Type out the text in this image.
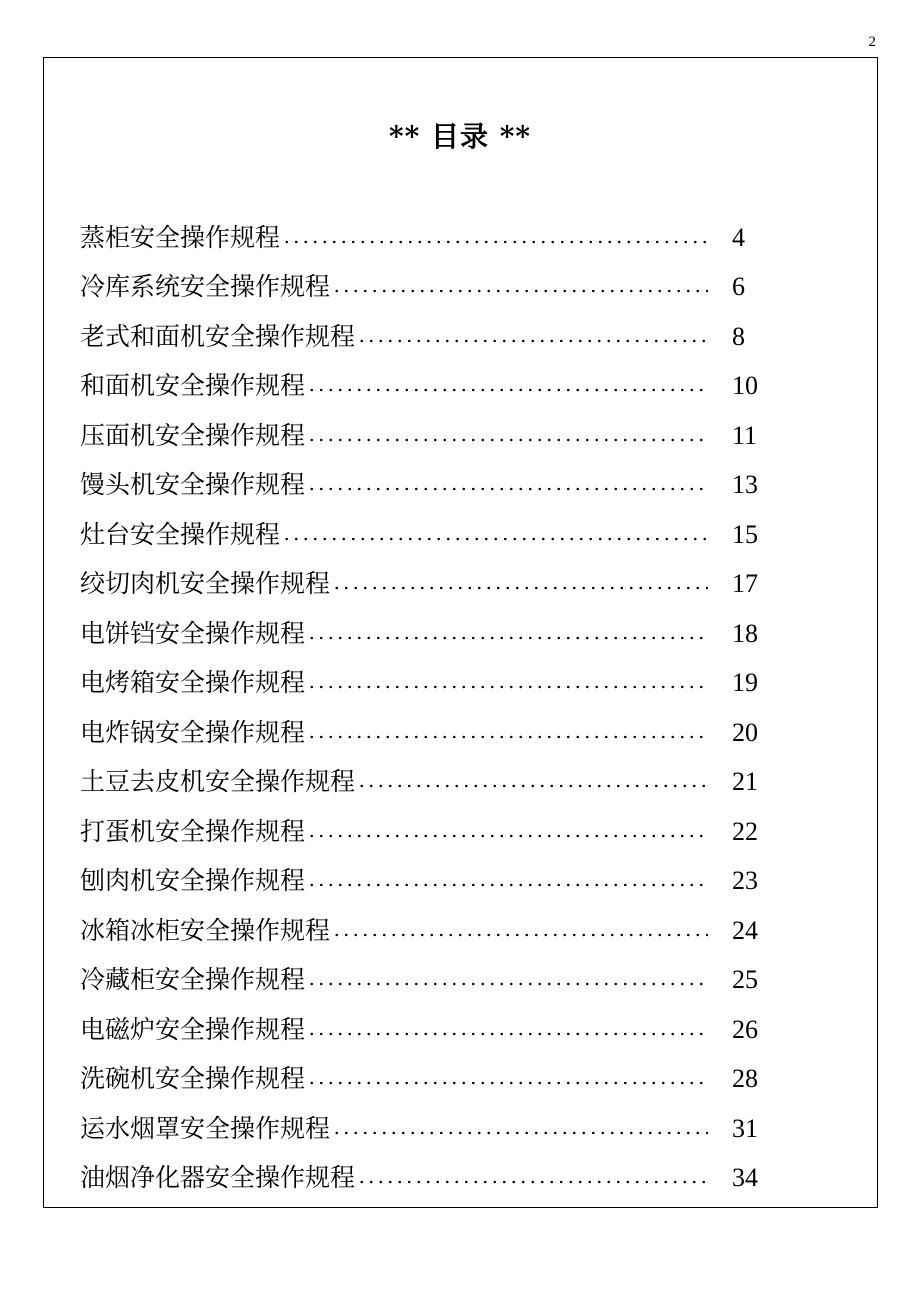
2
** 目录 **
蒸柜安全操作规程	4
冷库系统安全操作规程	6
老式和面机安全操作规程	8
和面机安全操作规程	10
压面机安全操作规程	11
馒头机安全操作规程	13
灶台安全操作规程	15
绞切肉机安全操作规程	17
电饼铛安全操作规程	18
电烤箱安全操作规程	19
电炸锅安全操作规程	20
土豆去皮机安全操作规程	21
打蛋机安全操作规程	22
刨肉机安全操作规程	23
冰箱冰柜安全操作规程	24
冷藏柜安全操作规程	25
电磁炉安全操作规程	26
洗碗机安全操作规程	28
运水烟罩安全操作规程	31
油烟净化器安全操作规程	34
